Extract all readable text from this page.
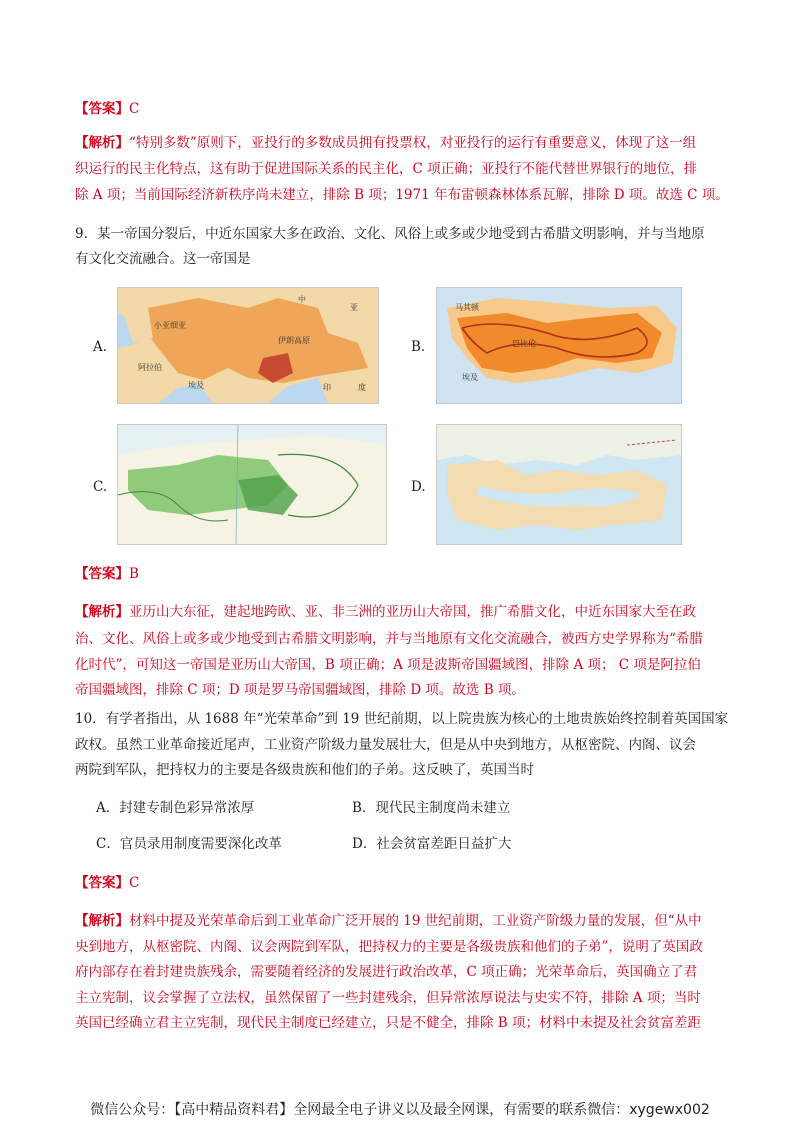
【答案】C
【解析】“特别多数”原则下，亚投行的多数成员拥有投票权，对亚投行的运行有重要意义，体现了这一组
织运行的民主化特点，这有助于促进国际关系的民主化，C 项正确；亚投行不能代替世界银行的地位，排
除 A 项；当前国际经济新秩序尚未建立，排除 B 项；1971 年布雷顿森林体系瓦解，排除 D 项。故选 C 项。
9．某一帝国分裂后，中近东国家大多在政治、文化、风俗上或多或少地受到古希腊文明影响，并与当地原
有文化交流融合。这一帝国是
A.	B.
C.	D.
中
亚
小亚细亚
埃及
伊朗高原
阿拉伯
印	度
马其顿
巴比伦
埃及
【答案】B
【解析】亚历山大东征，建起地跨欧、亚、非三洲的亚历山大帝国，推广希腊文化，中近东国家大至在政
治、文化、风俗上或多或少地受到古希腊文明影响，并与当地原有文化交流融合，被西方史学界称为“希腊
化时代”，可知这一帝国是亚历山大帝国，B 项正确；A 项是波斯帝国疆域图，排除 A 项； C 项是阿拉伯
帝国疆域图，排除 C 项；D 项是罗马帝国疆域图，排除 D 项。故选 B 项。
10．有学者指出，从 1688 年“光荣革命”到 19 世纪前期，以上院贵族为核心的土地贵族始终控制着英国国家
政权。虽然工业革命接近尾声，工业资产阶级力量发展壮大，但是从中央到地方，从枢密院、内阁、议会
两院到军队，把持权力的主要是各级贵族和他们的子弟。这反映了，英国当时
A．封建专制色彩异常浓厚	B．现代民主制度尚未建立
C．官员录用制度需要深化改革	D．社会贫富差距日益扩大
【答案】C
【解析】材料中提及光荣革命后到工业革命广泛开展的 19 世纪前期，工业资产阶级力量的发展，但“从中
央到地方，从枢密院、内阁、议会两院到军队，把持权力的主要是各级贵族和他们的子弟”，说明了英国政
府内部存在着封建贵族残余，需要随着经济的发展进行政治改革，C 项正确；光荣革命后，英国确立了君
主立宪制，议会掌握了立法权，虽然保留了一些封建残余，但异常浓厚说法与史实不符，排除 A 项；当时
英国已经确立君主立宪制，现代民主制度已经建立，只是不健全，排除 B 项；材料中未提及社会贫富差距
微信公众号：【高中精品资料君】全网最全电子讲义以及最全网课，有需要的联系微信：xygewx002
